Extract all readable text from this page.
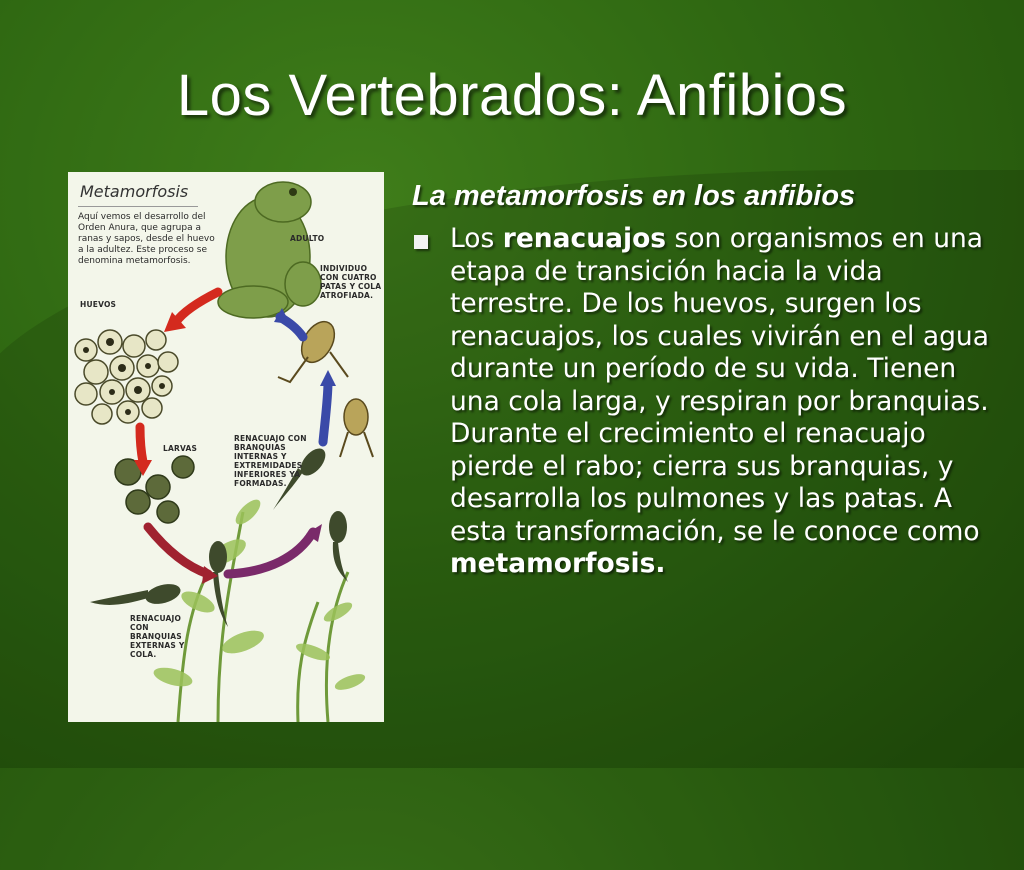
Los Vertebrados: Anfibios
Metamorfosis
Aquí vemos el desarrollo del Orden Anura, que agrupa a ranas y sapos, desde el huevo a la adultez. Este proceso se denomina metamorfosis.
ADULTO
INDIVIDUO CON CUATRO PATAS Y COLA ATROFIADA.
HUEVOS
LARVAS
RENACUAJO CON BRANQUIAS INTERNAS Y EXTREMIDADES INFERIORES YA FORMADAS.
RENACUAJO CON BRANQUIAS EXTERNAS Y COLA.
La metamorfosis en los anfibios
Los renacuajos son organismos en una etapa de transición hacia la vida terrestre. De los huevos, surgen los renacuajos, los cuales vivirán en el agua durante un período de su vida. Tienen una cola larga, y respiran por branquias. Durante el crecimiento el renacuajo pierde el rabo; cierra sus branquias, y desarrolla los pulmones y las patas. A esta transformación, se le conoce como metamorfosis.
